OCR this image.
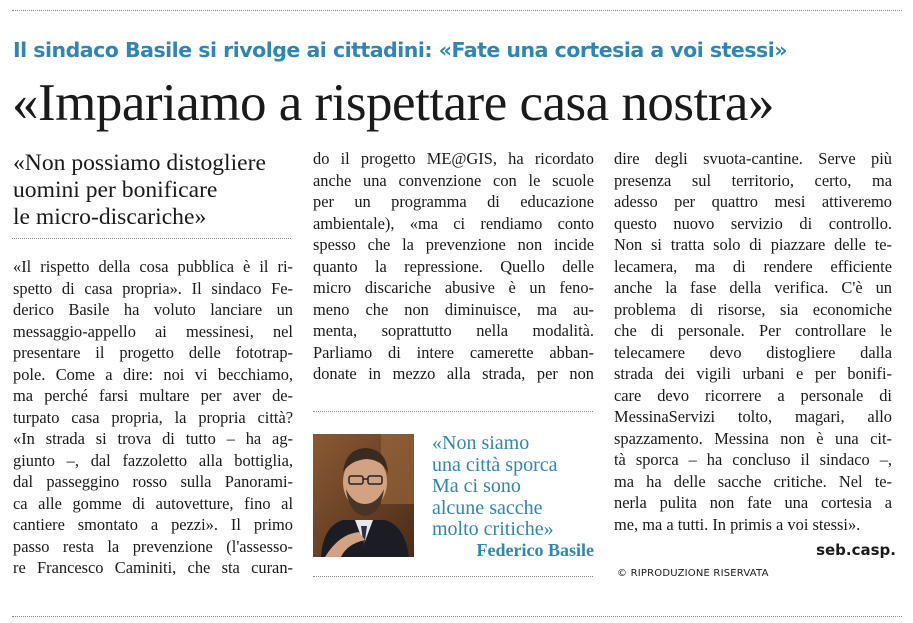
Il sindaco Basile si rivolge ai cittadini: «Fate una cortesia a voi stessi»
«Impariamo a rispettare casa nostra»
«Non possiamo distogliere
uomini per bonificare
le micro-discariche»
«Il rispetto della cosa pubblica è il ri-
spetto di casa propria». Il sindaco Fe-
derico Basile ha voluto lanciare un
messaggio-appello ai messinesi, nel
presentare il progetto delle fototrap-
pole. Come a dire: noi vi becchiamo,
ma perché farsi multare per aver de-
turpato casa propria, la propria città?
«In strada si trova di tutto – ha ag-
giunto –, dal fazzoletto alla bottiglia,
dal passeggino rosso sulla Panorami-
ca alle gomme di autovetture, fino al
cantiere smontato a pezzi». Il primo
passo resta la prevenzione (l'assesso-
re Francesco Caminiti, che sta curan-
do il progetto ME@GIS, ha ricordato
anche una convenzione con le scuole
per un programma di educazione
ambientale), «ma ci rendiamo conto
spesso che la prevenzione non incide
quanto la repressione. Quello delle
micro discariche abusive è un feno-
meno che non diminuisce, ma au-
menta, soprattutto nella modalità.
Parliamo di intere camerette abban-
donate in mezzo alla strada, per non
«Non siamo
una città sporca
Ma ci sono
alcune sacche
molto critiche»
Federico Basile
dire degli svuota-cantine. Serve più
presenza sul territorio, certo, ma
adesso per quattro mesi attiveremo
questo nuovo servizio di controllo.
Non si tratta solo di piazzare delle te-
lecamera, ma di rendere efficiente
anche la fase della verifica. C'è un
problema di risorse, sia economiche
che di personale. Per controllare le
telecamere devo distogliere dalla
strada dei vigili urbani e per bonifi-
care devo ricorrere a personale di
MessinaServizi tolto, magari, allo
spazzamento. Messina non è una cit-
tà sporca – ha concluso il sindaco –,
ma ha delle sacche critiche. Nel te-
nerla pulita non fate una cortesia a
me, ma a tutti. In primis a voi stessi».
seb.casp.
© RIPRODUZIONE RISERVATA
